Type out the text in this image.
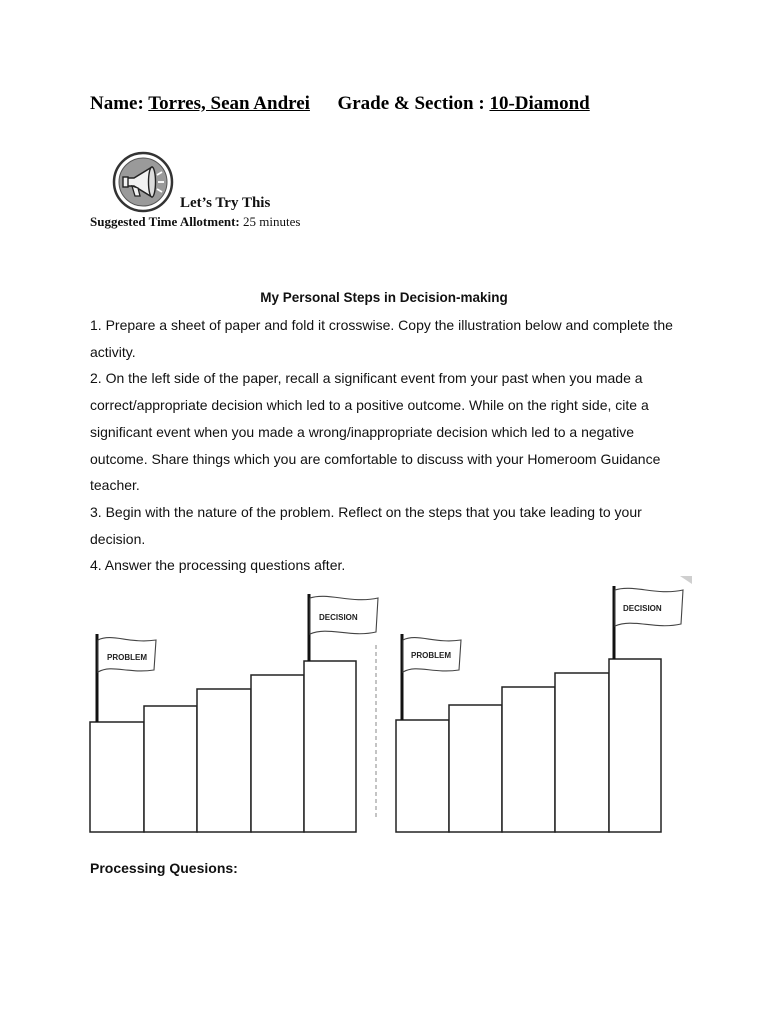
Name: Torres, Sean Andrei Grade & Section : 10-Diamond
Let’s Try This
Suggested Time Allotment: 25 minutes
My Personal Steps in Decision-making

1. Prepare a sheet of paper and fold it crosswise. Copy the illustration below and complete the activity.

2. On the left side of the paper, recall a significant event from your past when you made a correct/appropriate decision which led to a positive outcome. While on the right side, cite a significant event when you made a wrong/inappropriate decision which led to a negative outcome. Share things which you are comfortable to discuss with your Homeroom Guidance teacher.

3. Begin with the nature of the problem. Reflect on the steps that you take leading to your decision.

4. Answer the processing questions after.

PROBLEM
DECISION
PROBLEM
DECISION
Processing Quesions:
